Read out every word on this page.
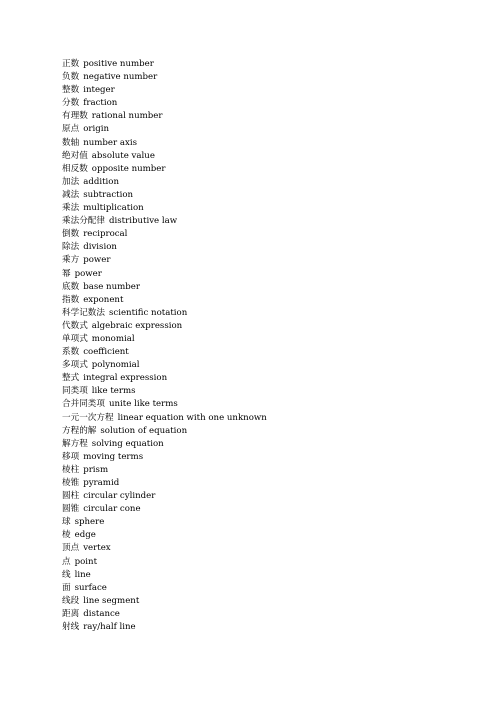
正数 positive number
负数 negative number
整数 integer
分数 fraction
有理数 rational number
原点 origin
数轴 number axis
绝对值 absolute value
相反数 opposite number
加法 addition
减法 subtraction
乘法 multiplication
乘法分配律 distributive law
倒数 reciprocal
除法 division
乘方 power
幂 power
底数 base number
指数 exponent
科学记数法 scientific notation
代数式 algebraic expression
单项式 monomial
系数 coefficient
多项式 polynomial
整式 integral expression
同类项 like terms
合并同类项 unite like terms
一元一次方程 linear equation with one unknown
方程的解 solution of equation
解方程 solving equation
移项 moving terms
棱柱 prism
棱锥 pyramid
圆柱 circular cylinder
圆锥 circular cone
球 sphere
棱 edge
顶点 vertex
点 point
线 line
面 surface
线段 line segment
距离 distance
射线 ray/half line
